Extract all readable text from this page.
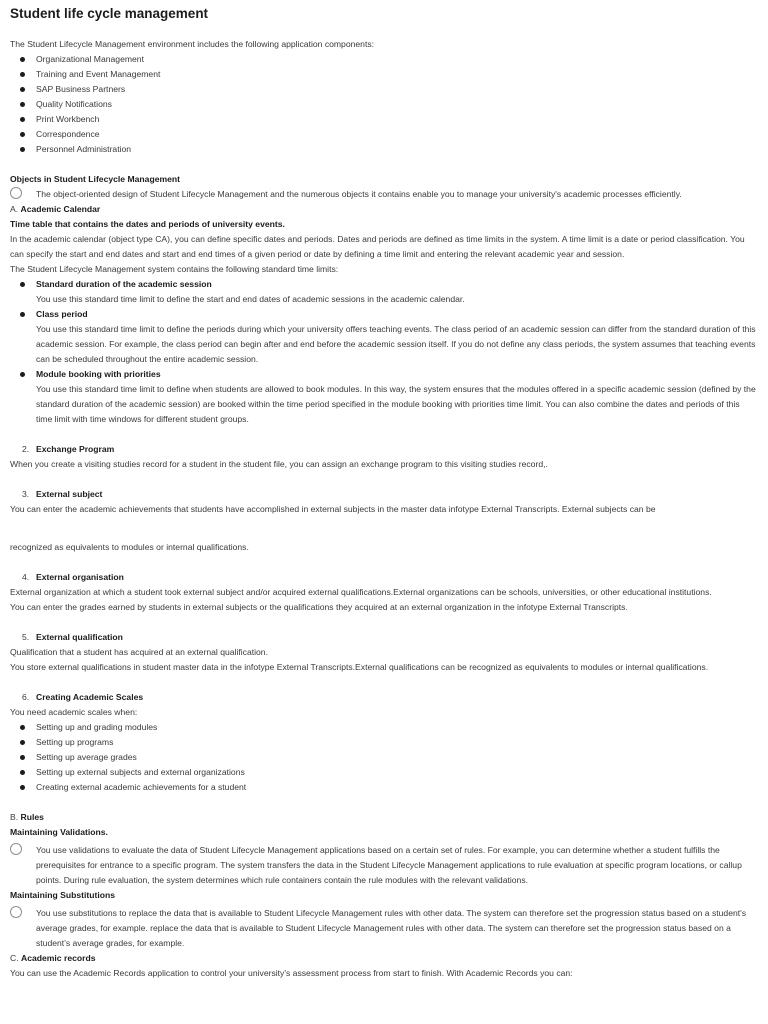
Student life cycle management

The Student Lifecycle Management environment includes the following application components:

Organizational Management
Training and Event Management
SAP Business Partners
Quality Notifications
Print Workbench
Correspondence
Personnel Administration

Objects in Student Lifecycle Management

The object-oriented design of Student Lifecycle Management and the numerous objects it contains enable you to manage your university's academic processes efficiently.

A. Academic Calendar

Time table that contains the dates and periods of university events.

In the academic calendar (object type CA), you can define specific dates and periods. Dates and periods are defined as time limits in the system. A time limit is a date or period classification. You can specify the start and end dates and start and end times of a given period or date by defining a time limit and entering the relevant academic year and session.

The Student Lifecycle Management system contains the following standard time limits:

Standard duration of the academic session

You use this standard time limit to define the start and end dates of academic sessions in the academic calendar.

Class period

You use this standard time limit to define the periods during which your university offers teaching events. The class period of an academic session can differ from the standard duration of this academic session. For example, the class period can begin after and end before the academic session itself. If you do not define any class periods, the system assumes that teaching events can be scheduled throughout the entire academic session.

Module booking with priorities

You use this standard time limit to define when students are allowed to book modules. In this way, the system ensures that the modules offered in a specific academic session (defined by the standard duration of the academic session) are booked within the time period specified in the module booking with priorities time limit. You can also combine the dates and periods of this time limit with time windows for different student groups.

2. Exchange Program

When you create a visiting studies record for a student in the student file, you can assign an exchange program to this visiting studies record,.

3. External subject

You can enter the academic achievements that students have accomplished in external subjects in the master data infotype External Transcripts. External subjects can be

recognized as equivalents to modules or internal qualifications.

4. External organisation

External organization at which a student took external subject and/or acquired external qualifications.External organizations can be schools, universities, or other educational institutions.

You can enter the grades earned by students in external subjects or the qualifications they acquired at an external organization in the infotype External Transcripts.

5. External qualification

Qualification that a student has acquired at an external qualification.

You store external qualifications in student master data in the infotype External Transcripts.External qualifications can be recognized as equivalents to modules or internal qualifications.

6. Creating Academic Scales

You need academic scales when:

Setting up and grading modules
Setting up programs
Setting up average grades
Setting up external subjects and external organizations
Creating external academic achievements for a student

B. Rules

Maintaining Validations.

You use validations to evaluate the data of Student Lifecycle Management applications based on a certain set of rules. For example, you can determine whether a student fulfills the prerequisites for entrance to a specific program. The system transfers the data in the Student Lifecycle Management applications to rule evaluation at specific program locations, or callup points. During rule evaluation, the system determines which rule containers contain the rule modules with the relevant validations.

Maintaining Substitutions

You use substitutions to replace the data that is available to Student Lifecycle Management rules with other data. The system can therefore set the progression status based on a student's average grades, for example. replace the data that is available to Student Lifecycle Management rules with other data. The system can therefore set the progression status based on a student's average grades, for example.

C. Academic records

You can use the Academic Records application to control your university's assessment process from start to finish. With Academic Records you can:
